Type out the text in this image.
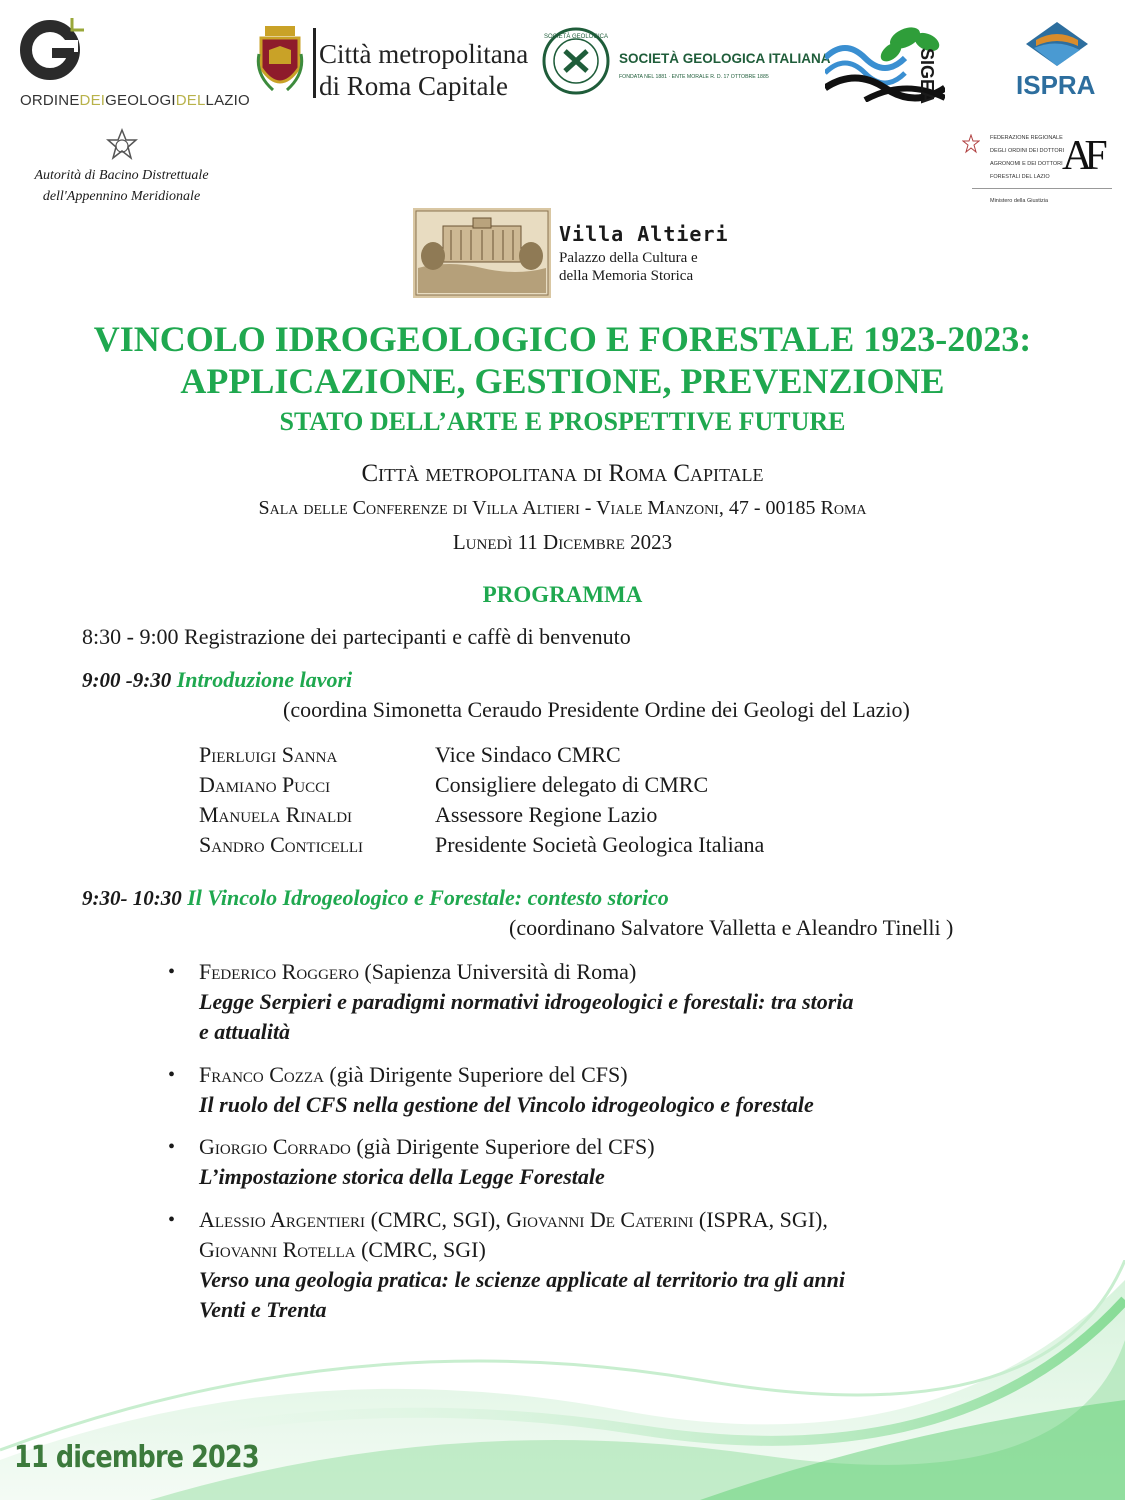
ORDINEDEIGEOLOGIDELLAZIO
Città metropolitana
di Roma Capitale
SOCIETÀ GEOLOGICA
SOCIETÀ GEOLOGICA ITALIANA
FONDATA NEL 1881 · ENTE MORALE R. D. 17 OTTOBRE 1885	SIGEA	ISPRA
Autorità di Bacino Distrettuale
dell'Appennino Meridionale
FEDERAZIONE REGIONALE
DEGLI ORDINI DEI DOTTORI
AGRONOMI E DEI DOTTORI
FORESTALI DEL LAZIO AF
Ministero della Giustizia
Villa Altieri
Palazzo della Cultura e
della Memoria Storica
VINCOLO IDROGEOLOGICO E FORESTALE 1923-2023:
APPLICAZIONE, GESTIONE, PREVENZIONE
STATO DELL’ARTE E PROSPETTIVE FUTURE
Città metropolitana di Roma Capitale
Sala delle Conferenze di Villa Altieri - Viale Manzoni, 47 - 00185 Roma
Lunedì 11 Dicembre 2023
PROGRAMMA
8:30 - 9:00 Registrazione dei partecipanti e caffè di benvenuto
9:00 -9:30 Introduzione lavori
(coordina Simonetta Ceraudo Presidente Ordine dei Geologi del Lazio)
Pierluigi Sanna	Vice Sindaco CMRC
Damiano Pucci	Consigliere delegato di CMRC
Manuela Rinaldi	Assessore Regione Lazio
Sandro Conticelli	Presidente Società Geologica Italiana
9:30- 10:30 Il Vincolo Idrogeologico e Forestale: contesto storico
(coordinano Salvatore Valletta e Aleandro Tinelli )
• Federico Roggero (Sapienza Università di Roma)
Legge Serpieri e paradigmi normativi idrogeologici e forestali: tra storia
e attualità
• Franco Cozza (già Dirigente Superiore del CFS)
Il ruolo del CFS nella gestione del Vincolo idrogeologico e forestale
• Giorgio Corrado (già Dirigente Superiore del CFS)
L’impostazione storica della Legge Forestale
• Alessio Argentieri (CMRC, SGI), Giovanni De Caterini (ISPRA, SGI),
Giovanni Rotella (CMRC, SGI)
Verso una geologia pratica: le scienze applicate al territorio tra gli anni
Venti e Trenta
11 dicembre 2023
